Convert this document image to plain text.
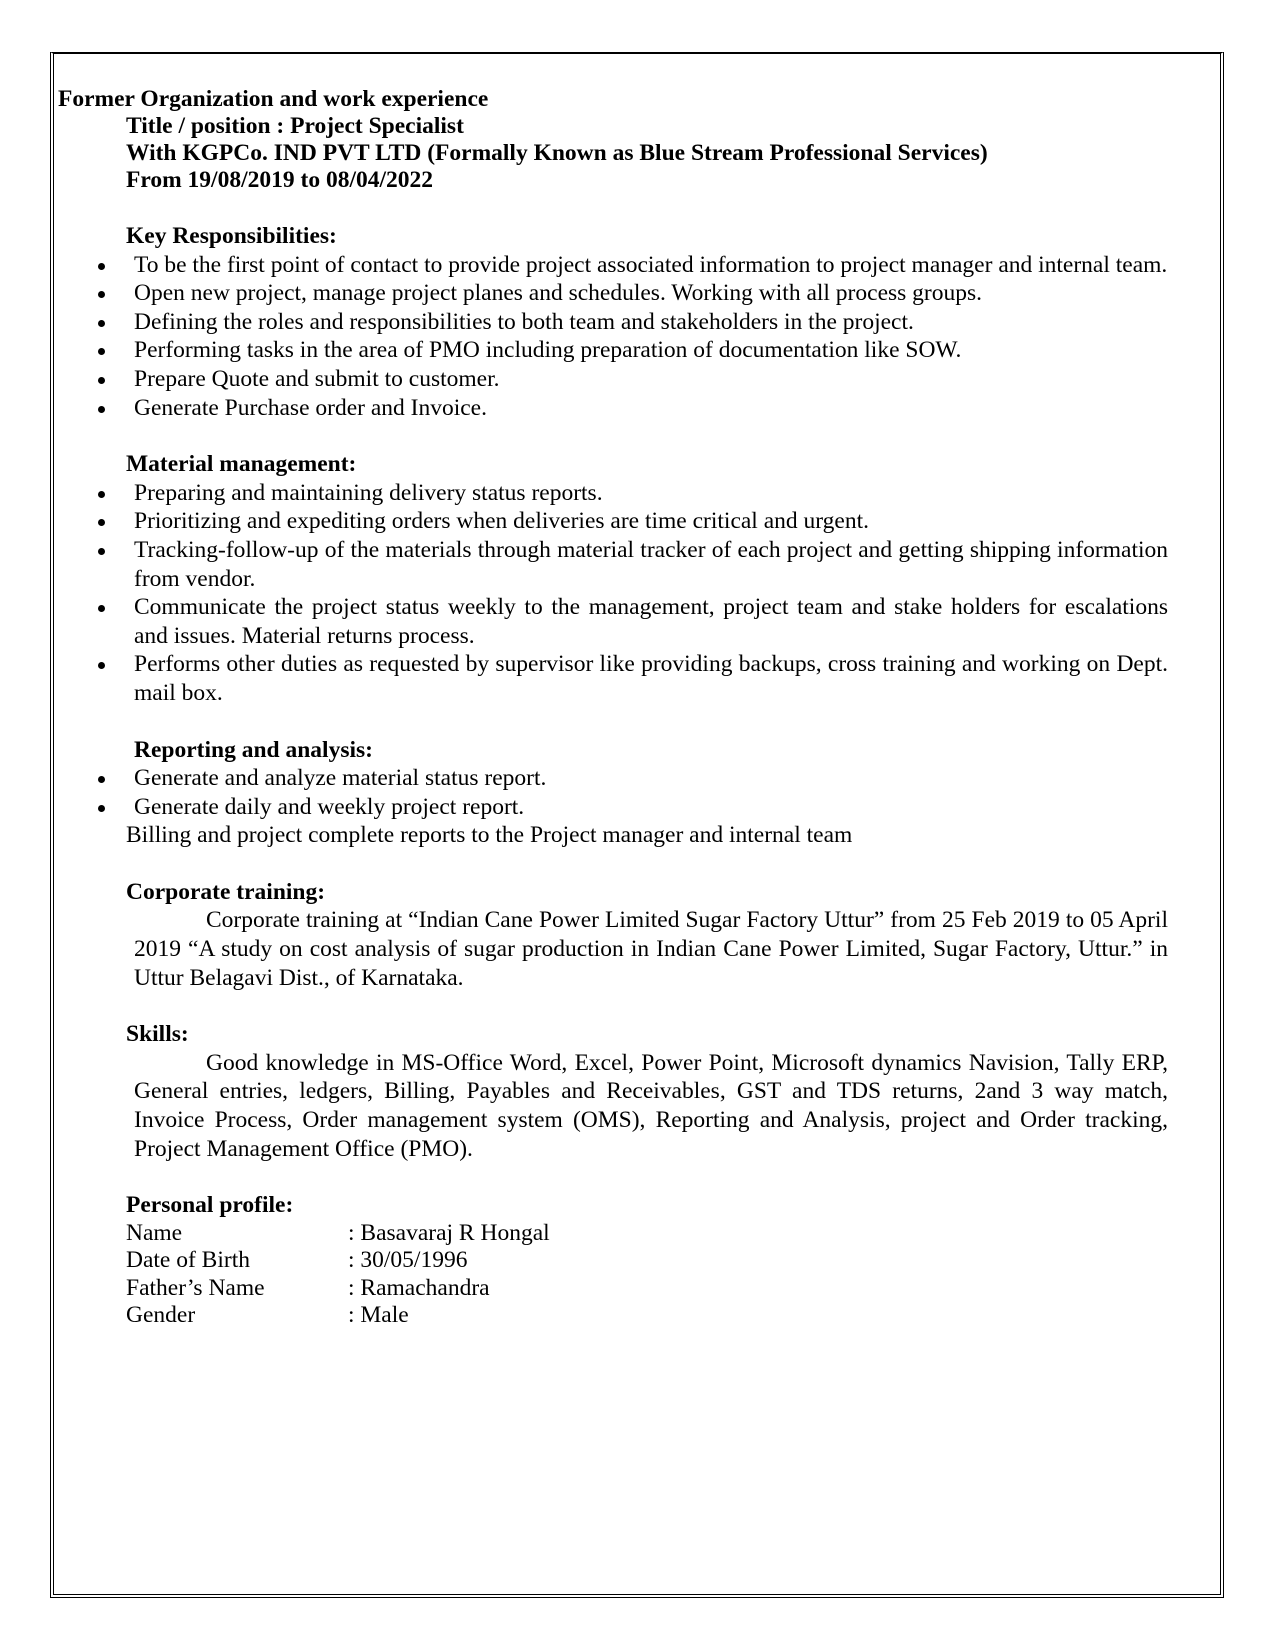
Former Organization and work experience

Title / position : Project Specialist

With KGPCo. IND PVT LTD (Formally Known as Blue Stream Professional Services)

From 19/08/2019 to 08/04/2022

Key Responsibilities:
To be the first point of contact to provide project associated information to project manager and internal team.
Open new project, manage project planes and schedules. Working with all process groups.
Defining the roles and responsibilities to both team and stakeholders in the project.
Performing tasks in the area of PMO including preparation of documentation like SOW.
Prepare Quote and submit to customer.
Generate Purchase order and Invoice.
Material management:
Preparing and maintaining delivery status reports.
Prioritizing and expediting orders when deliveries are time critical and urgent.
Tracking-follow-up of the materials through material tracker of each project and getting shipping information from vendor.
Communicate the project status weekly to the management, project team and stake holders for escalations and issues. Material returns process.
Performs other duties as requested by supervisor like providing backups, cross training and working on Dept. mail box.
Reporting and analysis:
Generate and analyze material status report.
Generate daily and weekly project report.

Billing and project complete reports to the Project manager and internal team

Corporate training:

Corporate training at “Indian Cane Power Limited Sugar Factory Uttur” from 25 Feb 2019 to 05 April 2019 “A study on cost analysis of sugar production in Indian Cane Power Limited, Sugar Factory, Uttur.” in Uttur Belagavi Dist., of Karnataka.

Skills:

Good knowledge in MS-Office Word, Excel, Power Point, Microsoft dynamics Navision, Tally ERP, General entries, ledgers, Billing, Payables and Receivables, GST and TDS returns, 2and 3 way match, Invoice Process, Order management system (OMS), Reporting and Analysis, project and Order tracking, Project Management Office (PMO).

Personal profile:
Name	: Basavaraj R Hongal
Date of Birth	: 30/05/1996
Father’s Name	: Ramachandra
Gender	: Male
